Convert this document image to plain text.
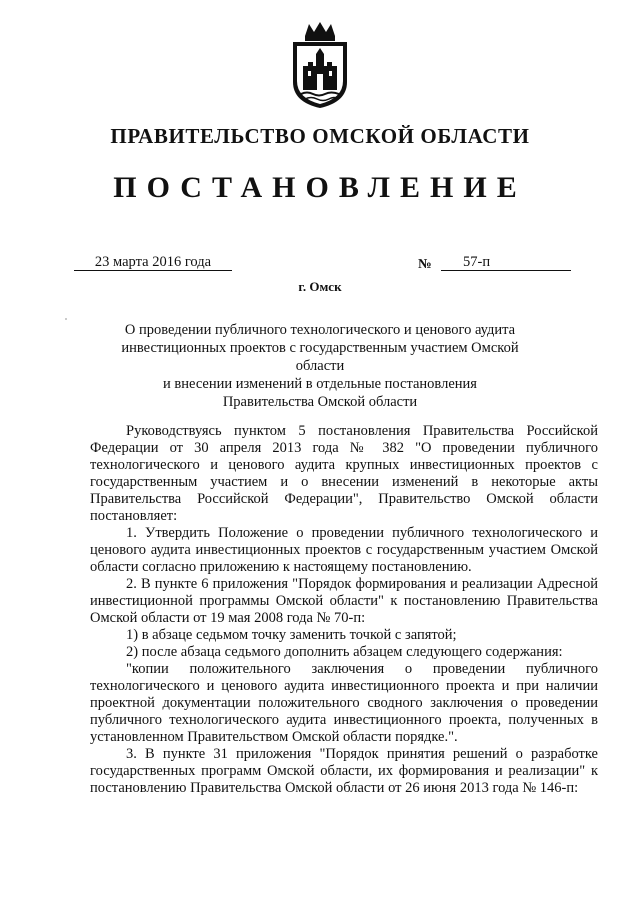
ПРАВИТЕЛЬСТВО ОМСКОЙ ОБЛАСТИ
ПОСТАНОВЛЕНИЕ
23 марта 2016 года	№	57-п
г. Омск
О проведении публичного технологического и ценового аудита
инвестиционных проектов с государственным участием Омской области
и внесении изменений в отдельные постановления
Правительства Омской области

Руководствуясь пунктом 5 постановления Правительства Российской Федерации от 30 апреля 2013 года № 382 "О проведении публичного технологического и ценового аудита крупных инвестиционных проектов с государственным участием и о внесении изменений в некоторые акты Правительства Российской Федерации", Правительство Омской области постановляет:

1. Утвердить Положение о проведении публичного технологического и ценового аудита инвестиционных проектов с государственным участием Омской области согласно приложению к настоящему постановлению.

2. В пункте 6 приложения "Порядок формирования и реализации Адресной инвестиционной программы Омской области" к постановлению Правительства Омской области от 19 мая 2008 года № 70-п:

1) в абзаце седьмом точку заменить точкой с запятой;

2) после абзаца седьмого дополнить абзацем следующего содержания:

"копии положительного заключения о проведении публичного технологического и ценового аудита инвестиционного проекта и при наличии проектной документации положительного сводного заключения о проведении публичного технологического аудита инвестиционного проекта, полученных в установленном Правительством Омской области порядке.".

3. В пункте 31 приложения "Порядок принятия решений о разработке государственных программ Омской области, их формирования и реализации" к постановлению Правительства Омской области от 26 июня 2013 года № 146-п:
